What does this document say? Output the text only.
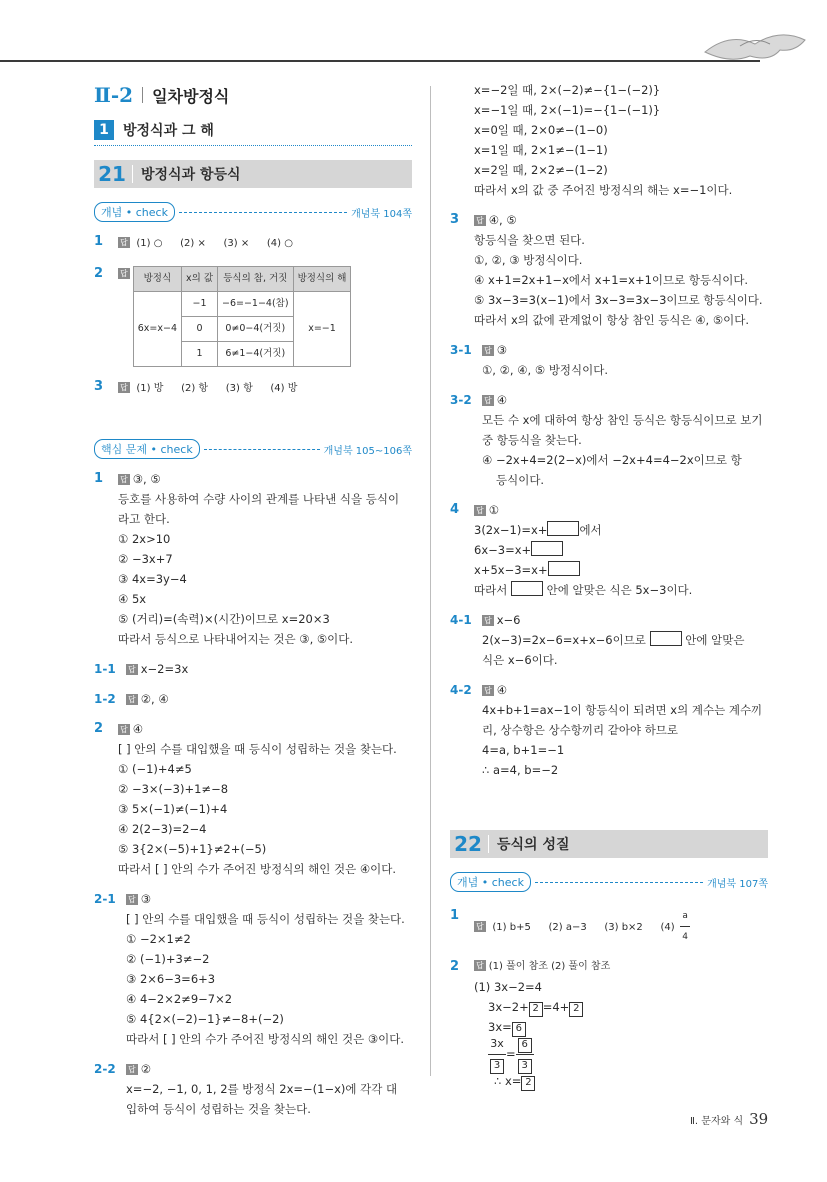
Ⅱ-2 일차방정식
1	방정식과 그 해
21 방정식과 항등식
개념 • check	개념북 104쪽
1	답 (1) ○ (2) × (3) × (4) ○
2	답 방정식	x의 값	등식의 참, 거짓	방정식의 해
6x=x−4	−1	−6=−1−4(참)	x=−1
	0	0≠0−4(거짓)	
	1	6≠1−4(거짓)	
3	답 (1) 방 (2) 항 (3) 항 (4) 방
핵심 문제 • check	개념북 105~106쪽
1	답 ③, ⑤
등호를 사용하여 수량 사이의 관계를 나타낸 식을 등식이
라고 한다.
① 2x>10
② −3x+7
③ 4x=3y−4
④ 5x
⑤ (거리)=(속력)×(시간)이므로 x=20×3
따라서 등식으로 나타내어지는 것은 ③, ⑤이다.
1-1	답 x−2=3x
1-2	답 ②, ④
2	답 ④
[ ] 안의 수를 대입했을 때 등식이 성립하는 것을 찾는다.
① (−1)+4≠5
② −3×(−3)+1≠−8
③ 5×(−1)≠(−1)+4
④ 2(2−3)=2−4
⑤ 3{2×(−5)+1}≠2+(−5)
따라서 [ ] 안의 수가 주어진 방정식의 해인 것은 ④이다.
2-1	답 ③
[ ] 안의 수를 대입했을 때 등식이 성립하는 것을 찾는다.
① −2×1≠2
② (−1)+3≠−2
③ 2×6−3=6+3
④ 4−2×2≠9−7×2
⑤ 4{2×(−2)−1}≠−8+(−2)
따라서 [ ] 안의 수가 주어진 방정식의 해인 것은 ③이다.
2-2	답 ②
x=−2, −1, 0, 1, 2를 방정식 2x=−(1−x)에 각각 대
입하여 등식이 성립하는 것을 찾는다.
x=−2일 때, 2×(−2)≠−{1−(−2)}
x=−1일 때, 2×(−1)=−{1−(−1)}
x=0일 때, 2×0≠−(1−0)
x=1일 때, 2×1≠−(1−1)
x=2일 때, 2×2≠−(1−2)
따라서 x의 값 중 주어진 방정식의 해는 x=−1이다.
3	답 ④, ⑤
항등식을 찾으면 된다.
①, ②, ③ 방정식이다.
④ x+1=2x+1−x에서 x+1=x+1이므로 항등식이다.
⑤ 3x−3=3(x−1)에서 3x−3=3x−3이므로 항등식이다.
따라서 x의 값에 관계없이 항상 참인 등식은 ④, ⑤이다.
3-1	답 ③
①, ②, ④, ⑤ 방정식이다.
3-2	답 ④
모든 수 x에 대하여 항상 참인 등식은 항등식이므로 보기
중 항등식을 찾는다.
④ −2x+4=2(2−x)에서 −2x+4=4−2x이므로 항
등식이다.
4	답 ①
3(2x−1)=x+	에서
6x−3=x+
x+5x−3=x+
따라서	안에 알맞은 식은 5x−3이다.
4-1	답 x−6
2(x−3)=2x−6=x+x−6이므로	안에 알맞은
식은 x−6이다.
4-2	답 ④
4x+b+1=ax−1이 항등식이 되려면 x의 계수는 계수끼
리, 상수항은 상수항끼리 같아야 하므로
4=a, b+1=−1
∴ a=4, b=−2
22 등식의 성질
개념 • check	개념북 107쪽
1
답 (1) b+5 (2) a−3 (3) b×2 $(4) \frac{a}{4}$
2	답 (1) 풀이 참조 (2) 풀이 참조
(1) 3x−2=4
3x−2+ 2 =4+ 2
3x= 6
$\frac{3x}{3} = \frac{6}{3}$
∴ x= 2
Ⅱ. 문자와 식 39
